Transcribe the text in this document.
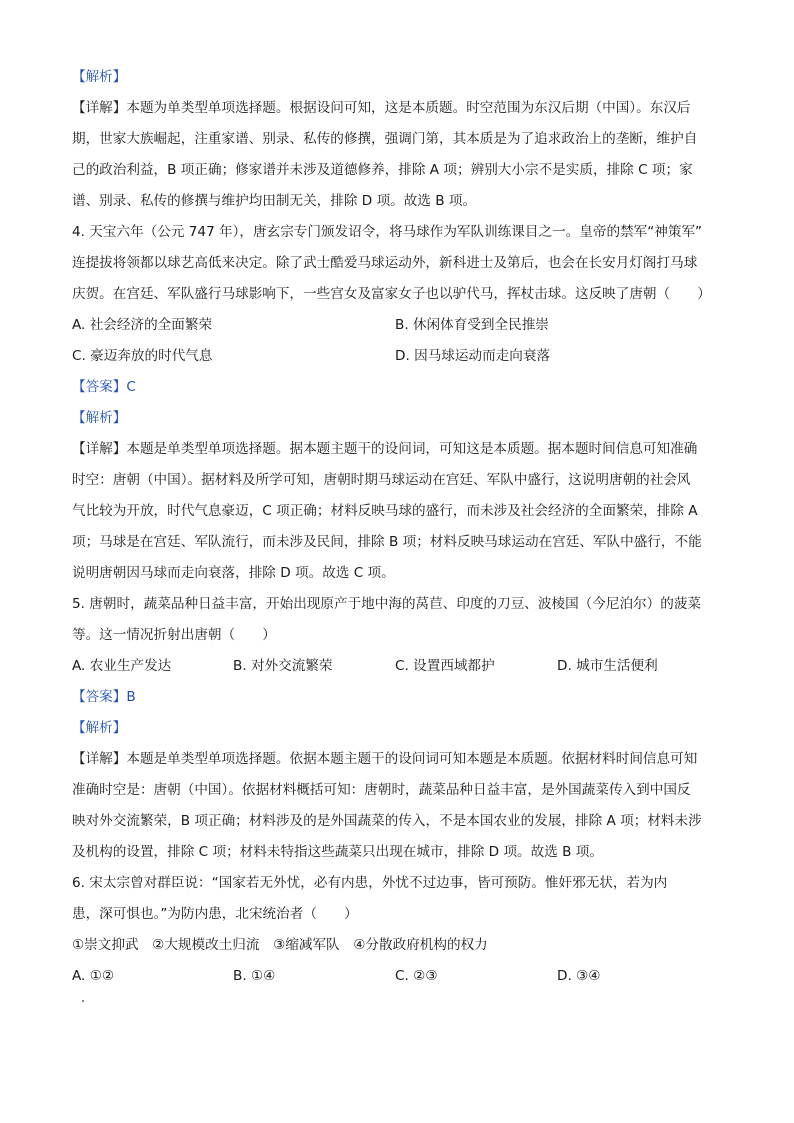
【解析】
【详解】本题为单类型单项选择题。根据设问可知，这是本质题。时空范围为东汉后期（中国）。东汉后
期，世家大族崛起，注重家谱、别录、私传的修撰，强调门第，其本质是为了追求政治上的垄断，维护自
己的政治利益，B 项正确；修家谱并未涉及道德修养，排除 A 项；辨别大小宗不是实质，排除 C 项；家
谱、别录、私传的修撰与维护均田制无关，排除 D 项。故选 B 项。
4. 天宝六年（公元 747 年），唐玄宗专门颁发诏令，将马球作为军队训练课目之一。皇帝的禁军“神策军”
连提拔将领都以球艺高低来决定。除了武士酷爱马球运动外，新科进士及第后，也会在长安月灯阁打马球
庆贺。在宫廷、军队盛行马球影响下，一些宫女及富家女子也以驴代马，挥杖击球。这反映了唐朝（　　）
A. 社会经济的全面繁荣	B. 休闲体育受到全民推崇
C. 豪迈奔放的时代气息	D. 因马球运动而走向衰落
【答案】C
【解析】
【详解】本题是单类型单项选择题。据本题主题干的设问词，可知这是本质题。据本题时间信息可知准确
时空：唐朝（中国）。据材料及所学可知，唐朝时期马球运动在宫廷、军队中盛行，这说明唐朝的社会风
气比较为开放，时代气息豪迈，C 项正确；材料反映马球的盛行，而未涉及社会经济的全面繁荣，排除 A
项；马球是在宫廷、军队流行，而未涉及民间，排除 B 项；材料反映马球运动在宫廷、军队中盛行，不能
说明唐朝因马球而走向衰落，排除 D 项。故选 C 项。
5. 唐朝时，蔬菜品种日益丰富，开始出现原产于地中海的莴苣、印度的刀豆、波棱国（今尼泊尔）的菠菜
等。这一情况折射出唐朝（　　）
A. 农业生产发达	B. 对外交流繁荣	C. 设置西域都护	D. 城市生活便利
【答案】B
【解析】
【详解】本题是单类型单项选择题。依据本题主题干的设问词可知本题是本质题。依据材料时间信息可知
准确时空是：唐朝（中国）。依据材料概括可知：唐朝时，蔬菜品种日益丰富，是外国蔬菜传入到中国反
映对外交流繁荣，B 项正确；材料涉及的是外国蔬菜的传入，不是本国农业的发展，排除 A 项；材料未涉
及机构的设置，排除 C 项；材料未特指这些蔬菜只出现在城市，排除 D 项。故选 B 项。
6. 宋太宗曾对群臣说：“国家若无外忧，必有内患，外忧不过边事，皆可预防。惟奸邪无状，若为内
患，深可惧也。”为防内患，北宋统治者（　　）
①崇文抑武　②大规模改土归流　③缩减军队　④分散政府机构的权力
A. ①②	B. ①④	C. ②③	D. ③④
